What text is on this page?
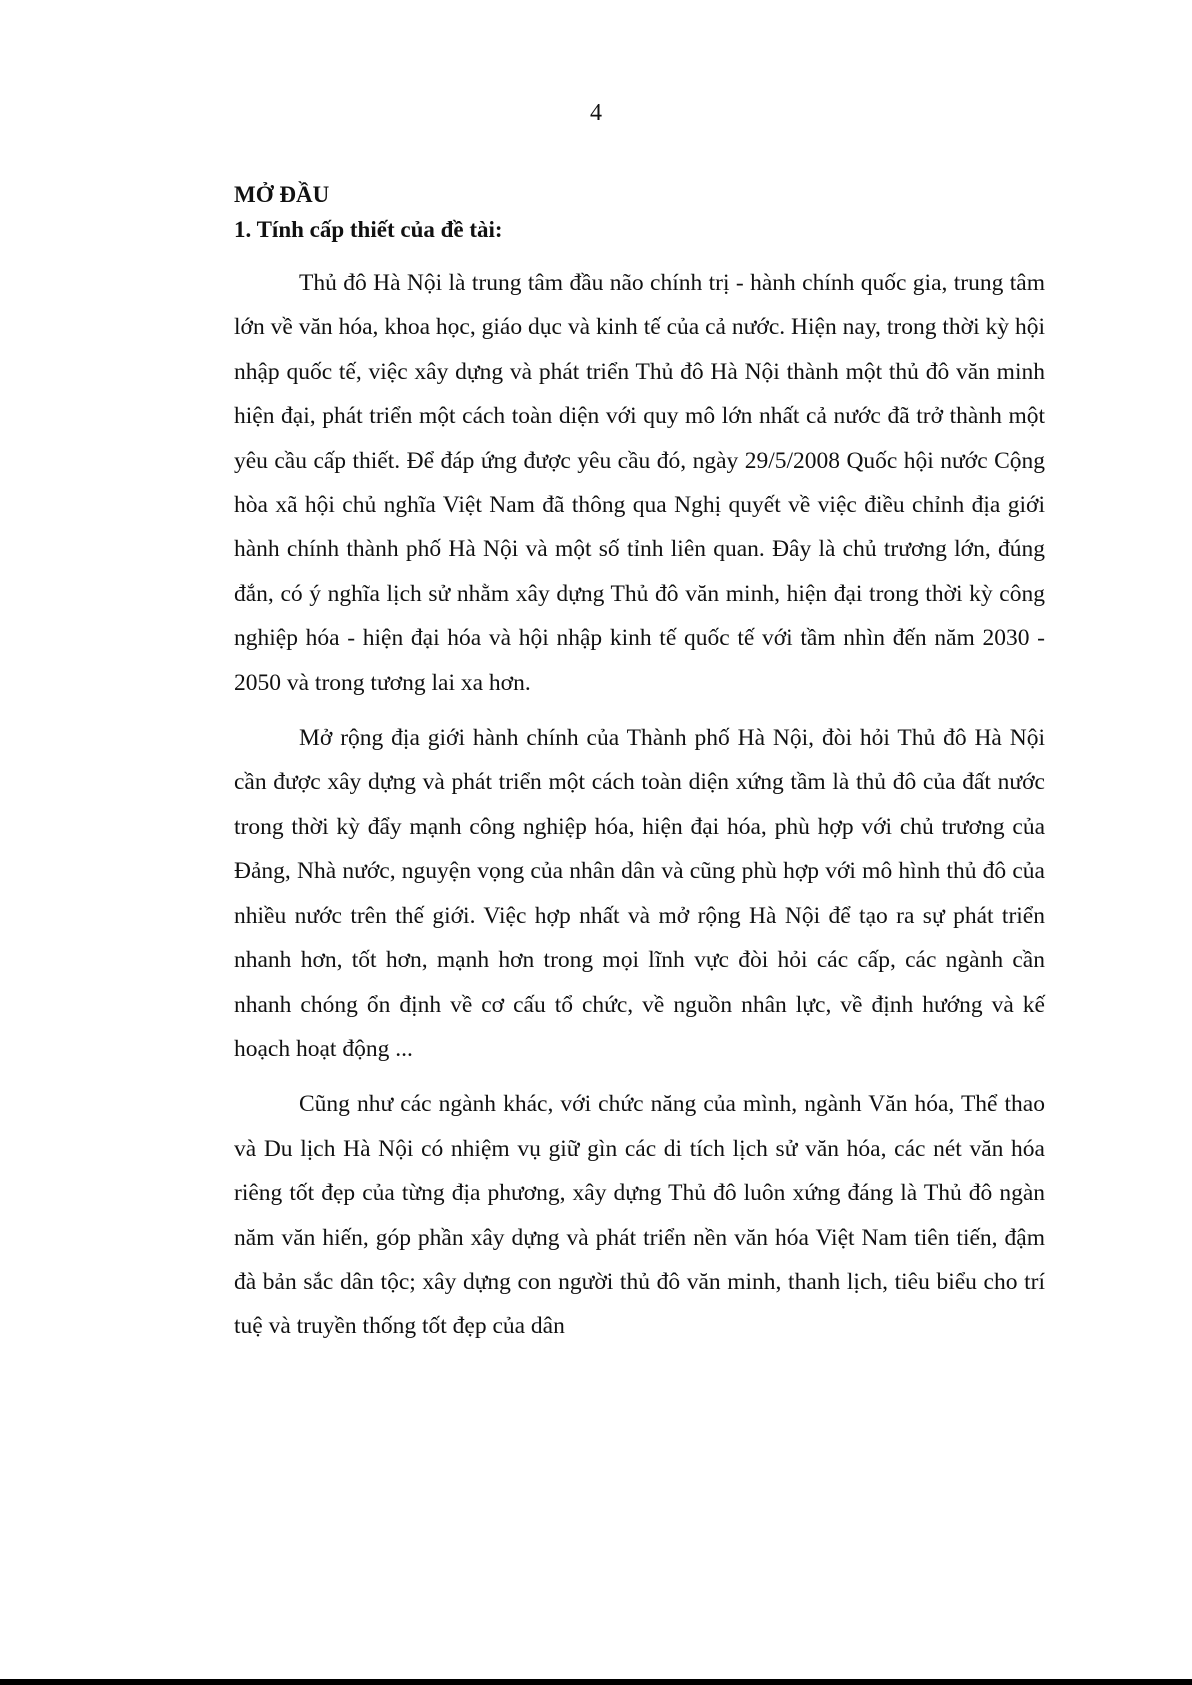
4
MỞ ĐẦU
1. Tính cấp thiết của đề tài:

Thủ đô Hà Nội là trung tâm đầu não chính trị - hành chính quốc gia, trung tâm lớn về văn hóa, khoa học, giáo dục và kinh tế của cả nước. Hiện nay, trong thời kỳ hội nhập quốc tế, việc xây dựng và phát triển Thủ đô Hà Nội thành một thủ đô văn minh hiện đại, phát triển một cách toàn diện với quy mô lớn nhất cả nước đã trở thành một yêu cầu cấp thiết. Để đáp ứng được yêu cầu đó, ngày 29/5/2008 Quốc hội nước Cộng hòa xã hội chủ nghĩa Việt Nam đã thông qua Nghị quyết về việc điều chỉnh địa giới hành chính thành phố Hà Nội và một số tỉnh liên quan. Đây là chủ trương lớn, đúng đắn, có ý nghĩa lịch sử nhằm xây dựng Thủ đô văn minh, hiện đại trong thời kỳ công nghiệp hóa - hiện đại hóa và hội nhập kinh tế quốc tế với tầm nhìn đến năm 2030 - 2050 và trong tương lai xa hơn.

Mở rộng địa giới hành chính của Thành phố Hà Nội, đòi hỏi Thủ đô Hà Nội cần được xây dựng và phát triển một cách toàn diện xứng tầm là thủ đô của đất nước trong thời kỳ đẩy mạnh công nghiệp hóa, hiện đại hóa, phù hợp với chủ trương của Đảng, Nhà nước, nguyện vọng của nhân dân và cũng phù hợp với mô hình thủ đô của nhiều nước trên thế giới. Việc hợp nhất và mở rộng Hà Nội để tạo ra sự phát triển nhanh hơn, tốt hơn, mạnh hơn trong mọi lĩnh vực đòi hỏi các cấp, các ngành cần nhanh chóng ổn định về cơ cấu tổ chức, về nguồn nhân lực, về định hướng và kế hoạch hoạt động ...

Cũng như các ngành khác, với chức năng của mình, ngành Văn hóa, Thể thao và Du lịch Hà Nội có nhiệm vụ giữ gìn các di tích lịch sử văn hóa, các nét văn hóa riêng tốt đẹp của từng địa phương, xây dựng Thủ đô luôn xứng đáng là Thủ đô ngàn năm văn hiến, góp phần xây dựng và phát triển nền văn hóa Việt Nam tiên tiến, đậm đà bản sắc dân tộc; xây dựng con người thủ đô văn minh, thanh lịch, tiêu biểu cho trí tuệ và truyền thống tốt đẹp của dân
